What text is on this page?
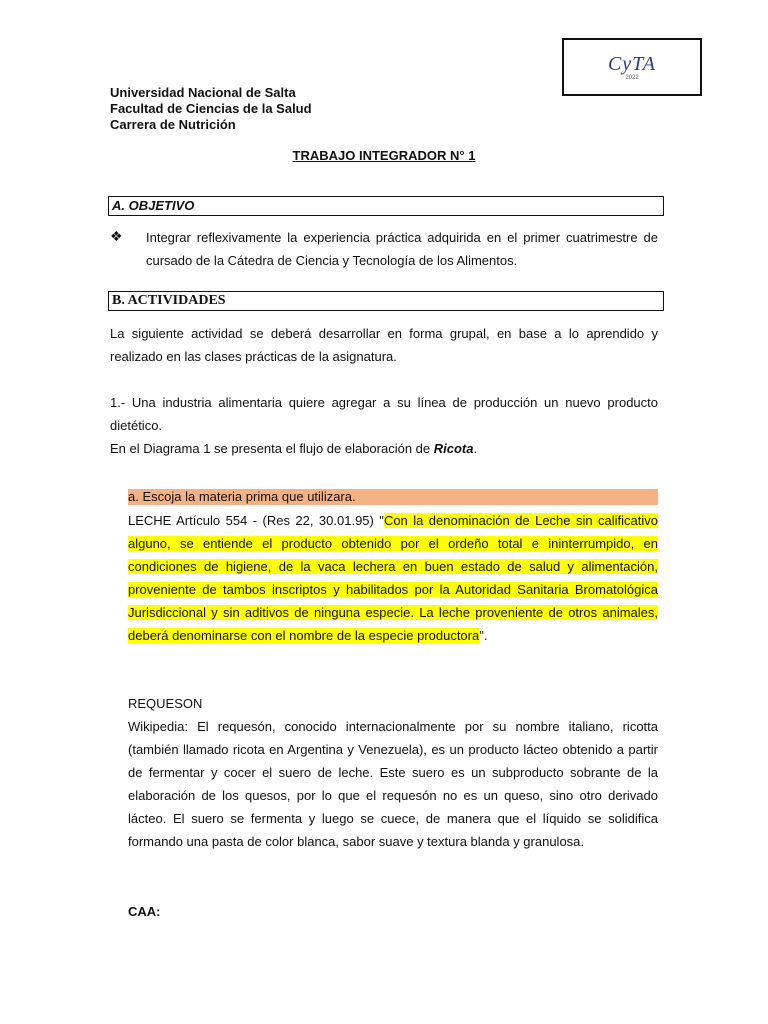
CyTA
2022
Universidad Nacional de Salta
Facultad de Ciencias de la Salud
Carrera de Nutrición
TRABAJO INTEGRADOR N° 1
A. OBJETIVO
❖ Integrar reflexivamente la experiencia práctica adquirida en el primer cuatrimestre de cursado de la Cátedra de Ciencia y Tecnología de los Alimentos.
B. ACTIVIDADES
La siguiente actividad se deberá desarrollar en forma grupal, en base a lo aprendido y realizado en las clases prácticas de la asignatura.
1.- Una industria alimentaria quiere agregar a su línea de producción un nuevo producto dietético.
En el Diagrama 1 se presenta el flujo de elaboración de Ricota.
a. Escoja la materia prima que utilizara.
LECHE Artículo 554 - (Res 22, 30.01.95) "Con la denominación de Leche sin calificativo alguno, se entiende el producto obtenido por el ordeño total e ininterrumpido, en condiciones de higiene, de la vaca lechera en buen estado de salud y alimentación, proveniente de tambos inscriptos y habilitados por la Autoridad Sanitaria Bromatológica Jurisdiccional y sin aditivos de ninguna especie. La leche proveniente de otros animales, deberá denominarse con el nombre de la especie productora".
REQUESON
Wikipedia: El requesón, conocido internacionalmente por su nombre italiano, ricotta (también llamado ricota en Argentina y Venezuela), es un producto lácteo obtenido a partir de fermentar y cocer el suero de leche. Este suero es un subproducto sobrante de la elaboración de los quesos, por lo que el requesón no es un queso, sino otro derivado lácteo. El suero se fermenta y luego se cuece, de manera que el líquido se solidifica formando una pasta de color blanca, sabor suave y textura blanda y granulosa.
CAA:
